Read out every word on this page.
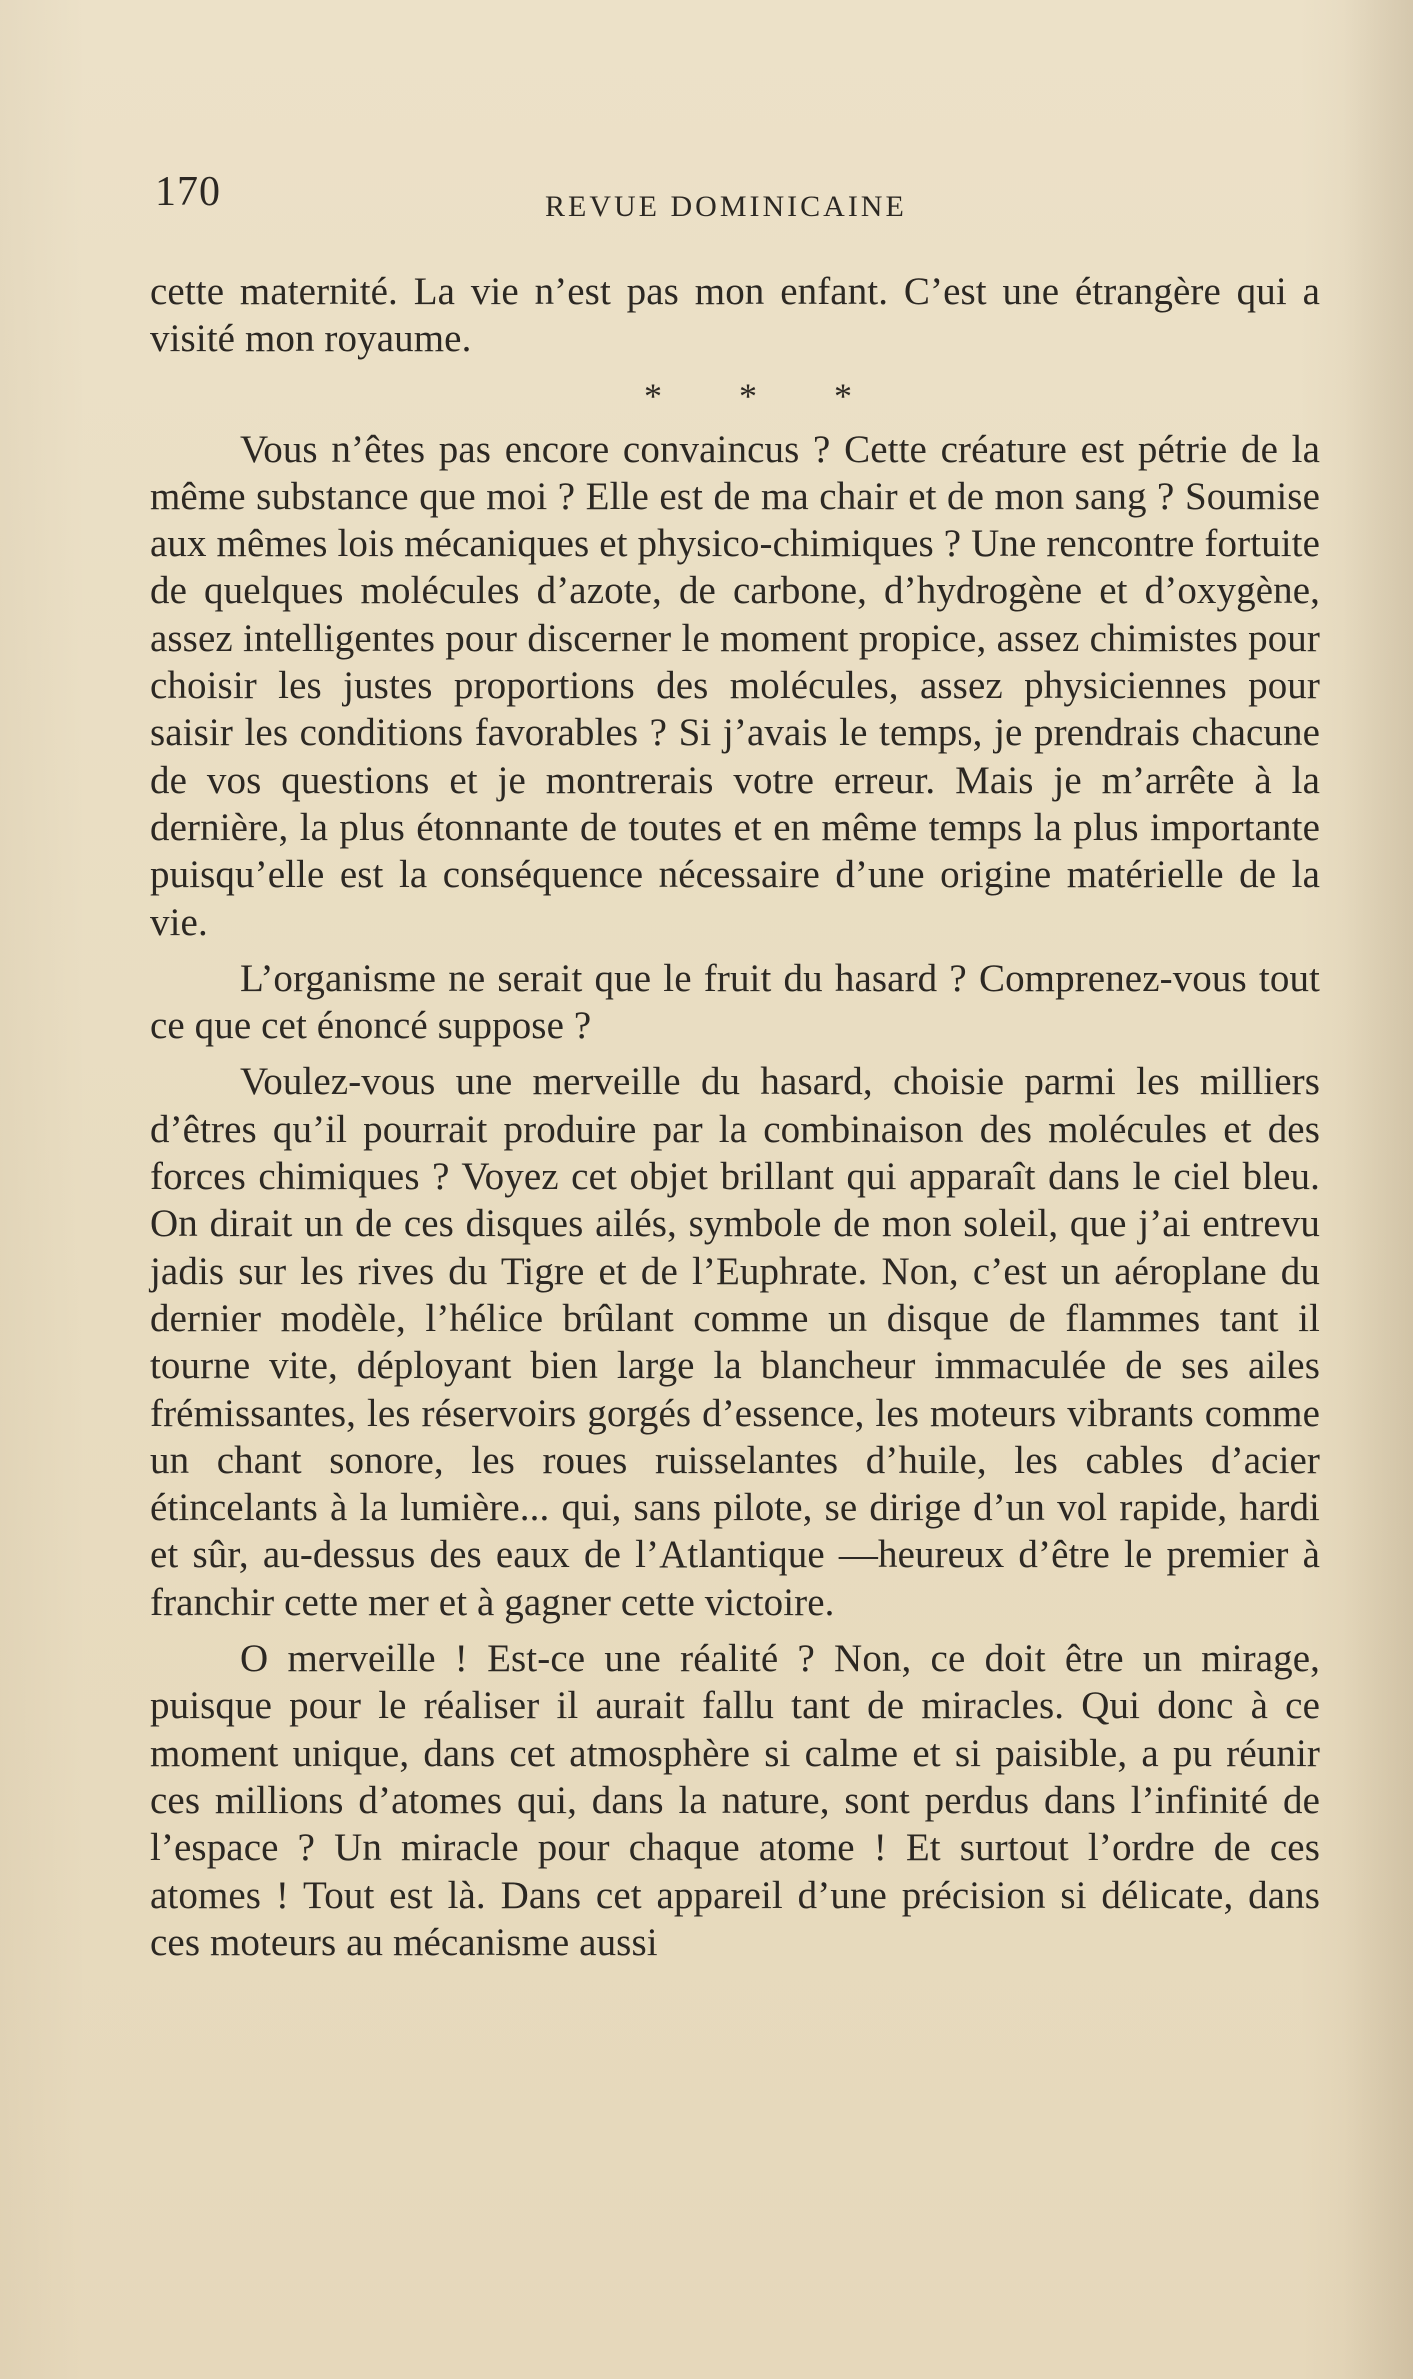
170	REVUE DOMINICAINE

cette maternité. La vie n’est pas mon enfant. C’est une étrangère qui a visité mon royaume.

* * *

Vous n’êtes pas encore convaincus ? Cette créature est pétrie de la même substance que moi ? Elle est de ma chair et de mon sang ? Soumise aux mêmes lois mécaniques et physico-chimiques ? Une rencontre fortuite de quelques molécules d’azote, de carbone, d’hydrogène et d’oxygène, assez intelligentes pour discerner le moment propice, assez chimistes pour choisir les justes proportions des molécules, assez physiciennes pour saisir les conditions favorables ? Si j’avais le temps, je prendrais chacune de vos questions et je montrerais votre erreur. Mais je m’arrête à la dernière, la plus étonnante de toutes et en même temps la plus importante puisqu’elle est la conséquence nécessaire d’une origine matérielle de la vie.

L’organisme ne serait que le fruit du hasard ? Comprenez-vous tout ce que cet énoncé suppose ?

Voulez-vous une merveille du hasard, choisie parmi les milliers d’êtres qu’il pourrait produire par la combinaison des molécules et des forces chimiques ? Voyez cet objet brillant qui apparaît dans le ciel bleu. On dirait un de ces disques ailés, symbole de mon soleil, que j’ai entrevu jadis sur les rives du Tigre et de l’Euphrate. Non, c’est un aéroplane du dernier modèle, l’hélice brûlant comme un disque de flammes tant il tourne vite, déployant bien large la blancheur immaculée de ses ailes frémissantes, les réservoirs gorgés d’essence, les moteurs vibrants comme un chant sonore, les roues ruisselantes d’huile, les cables d’acier étincelants à la lumière... qui, sans pilote, se dirige d’un vol rapide, hardi et sûr, au-dessus des eaux de l’Atlantique —heureux d’être le premier à franchir cette mer et à gagner cette victoire.

O merveille ! Est-ce une réalité ? Non, ce doit être un mirage, puisque pour le réaliser il aurait fallu tant de miracles. Qui donc à ce moment unique, dans cet atmosphère si calme et si paisible, a pu réunir ces millions d’atomes qui, dans la nature, sont perdus dans l’infinité de l’espace ? Un miracle pour chaque atome ! Et surtout l’ordre de ces atomes ! Tout est là. Dans cet appareil d’une précision si délicate, dans ces moteurs au mécanisme aussi
